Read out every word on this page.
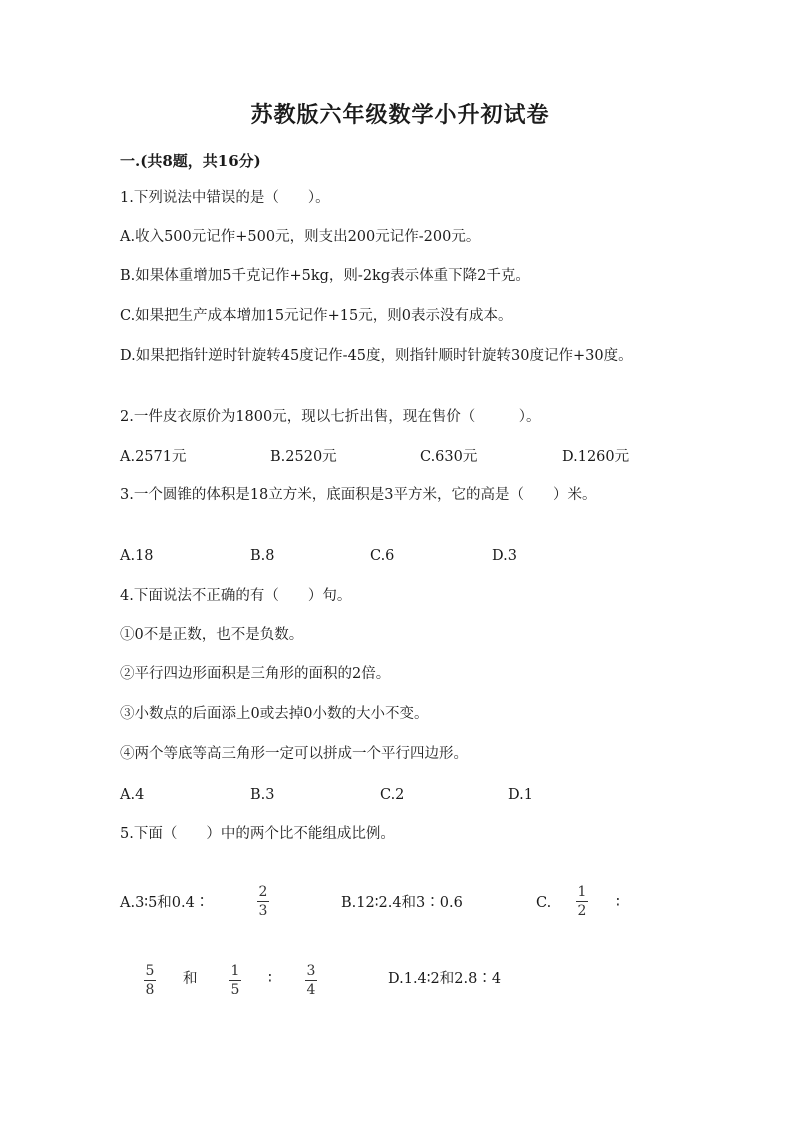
苏教版六年级数学小升初试卷
一.(共8题，共16分)
1.下列说法中错误的是（　　）。
A.收入500元记作+500元，则支出200元记作-200元。
B.如果体重增加5千克记作+5kg，则-2kg表示体重下降2千克。
C.如果把生产成本增加15元记作+15元，则0表示没有成本。
D.如果把指针逆时针旋转45度记作-45度，则指针顺时针旋转30度记作+30度。
2.一件皮衣原价为1800元，现以七折出售，现在售价（　　　）。
A.2571元	B.2520元	C.630元	D.1260元
3.一个圆锥的体积是18立方米，底面积是3平方米，它的高是（　　）米。
A.18	B.8	C.6	D.3
4.下面说法不正确的有（　　）句。
①0不是正数，也不是负数。
②平行四边形面积是三角形的面积的2倍。
③小数点的后面添上0或去掉0小数的大小不变。
④两个等底等高三角形一定可以拼成一个平行四边形。
A.4	B.3	C.2	D.1
5.下面（　　）中的两个比不能组成比例。
A.3∶5和0.4∶
2
3	B.12∶2.4和3∶0.6	C.
1
2 ∶
5
8
和 1
5
∶ 3
4
D.1.4∶2和2.8∶4
